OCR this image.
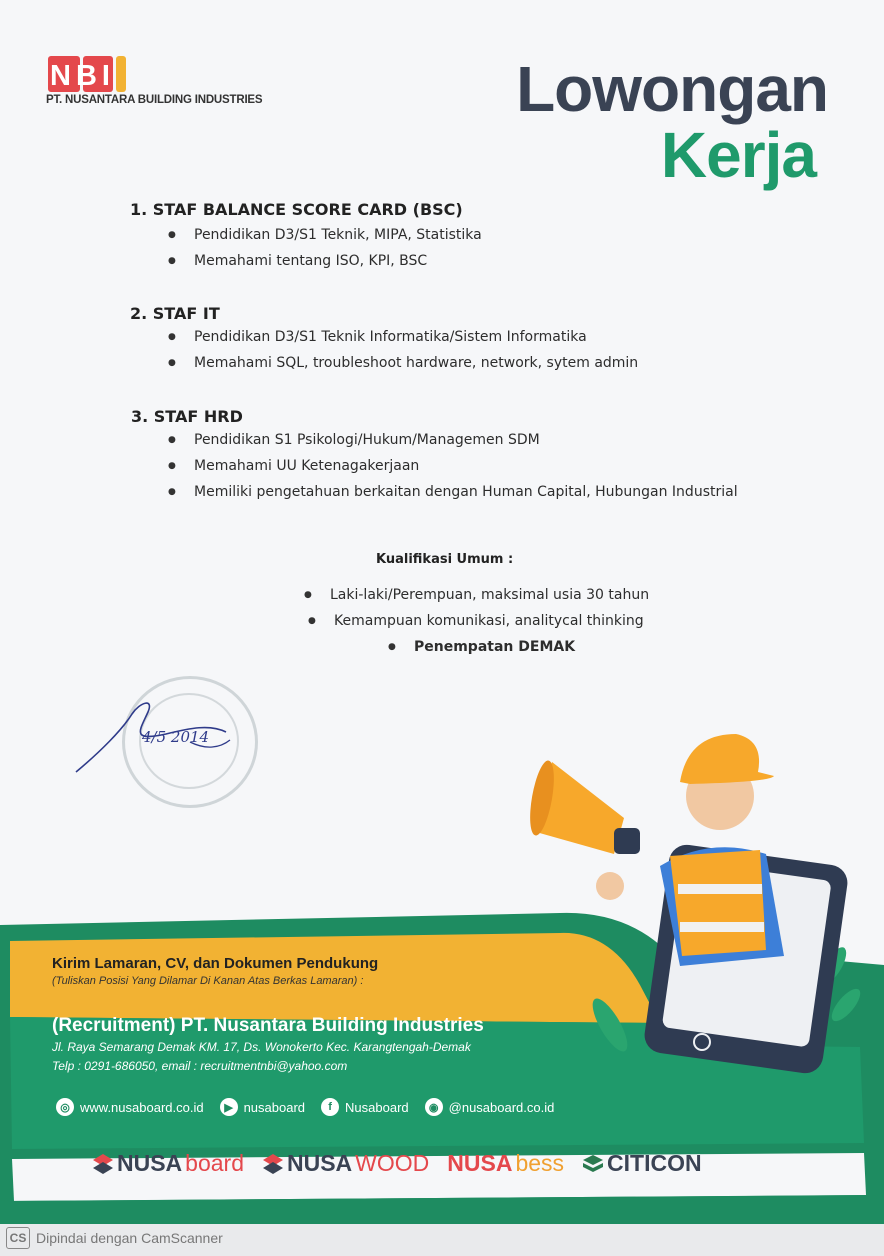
NBI
PT. NUSANTARA BUILDING INDUSTRIES	Lowongan
Kerja
1. STAF BALANCE SCORE CARD (BSC)
● Pendidikan D3/S1 Teknik, MIPA, Statistika
● Memahami tentang ISO, KPI, BSC
2. STAF IT
● Pendidikan D3/S1 Teknik Informatika/Sistem Informatika
● Memahami SQL, troubleshoot hardware, network, sytem admin
3. STAF HRD
● Pendidikan S1 Psikologi/Hukum/Managemen SDM
● Memahami UU Ketenagakerjaan
● Memiliki pengetahuan berkaitan dengan Human Capital, Hubungan Industrial
Kualifikasi Umum :
● Laki-laki/Perempuan, maksimal usia 30 tahun
● Kemampuan komunikasi, analitycal thinking
● Penempatan DEMAK
4/5 2014
Kirim Lamaran, CV, dan Dokumen Pendukung
(Tuliskan Posisi Yang Dilamar Di Kanan Atas Berkas Lamaran) :
(Recruitment) PT. Nusantara Building Industries
Jl. Raya Semarang Demak KM. 17, Ds. Wonokerto Kec. Karangtengah-Demak
Telp : 0291-686050, email : recruitmentnbi@yahoo.com
◎ www.nusaboard.co.id	▶ nusaboard	f	Nusaboard	◉ @nusaboard.co.id
NUSA board NUSA WOOD NUSA bess CITICON
CS Dipindai dengan CamScanner
